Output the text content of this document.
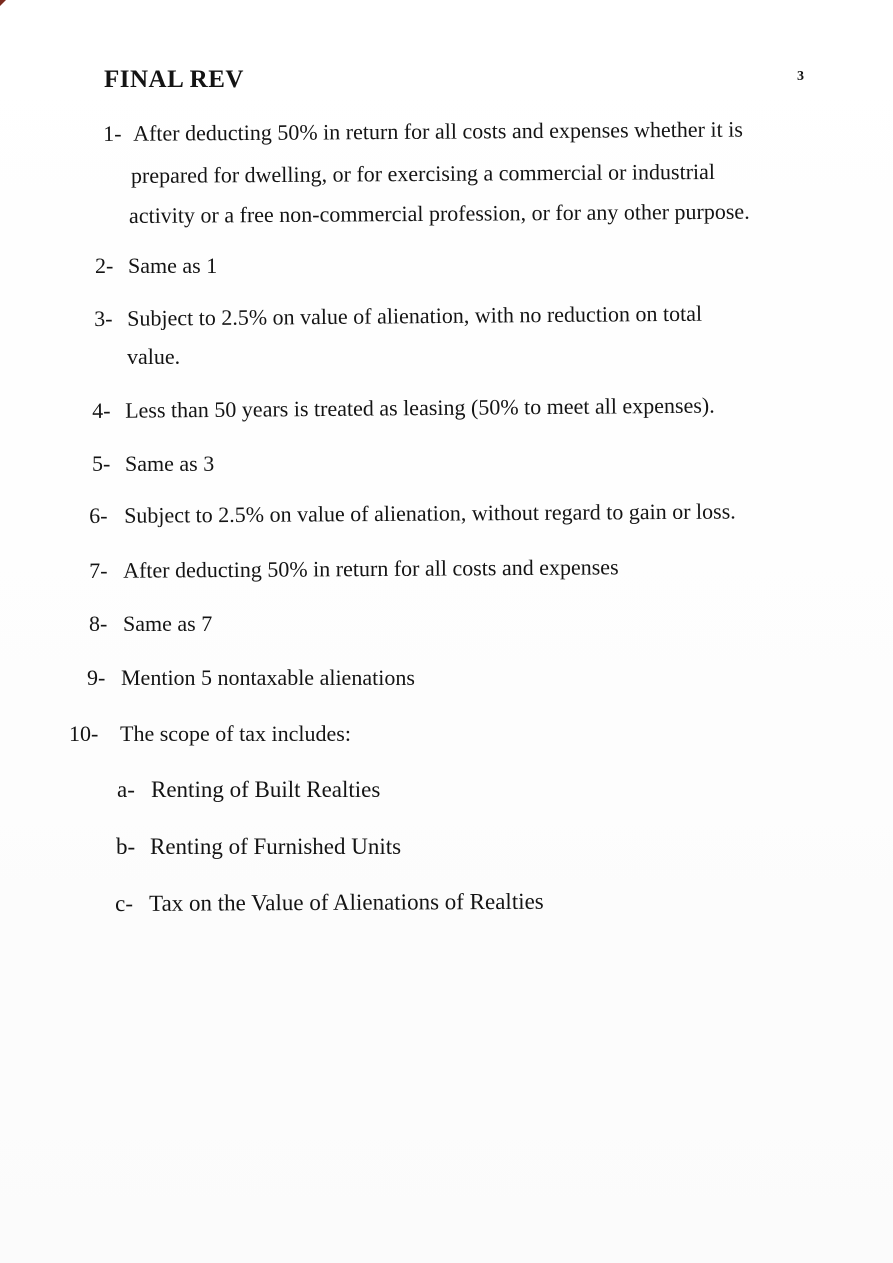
FINAL REV	3
1- After deducting 50% in return for all costs and expenses whether it is
prepared for dwelling, or for exercising a commercial or industrial
activity or a free non-commercial profession, or for any other purpose.
2- Same as 1
3- Subject to 2.5% on value of alienation, with no reduction on total
value.
4- Less than 50 years is treated as leasing (50% to meet all expenses).
5- Same as 3
6- Subject to 2.5% on value of alienation, without regard to gain or loss.
7- After deducting 50% in return for all costs and expenses
8- Same as 7
9- Mention 5 nontaxable alienations
10- The scope of tax includes:
a- Renting of Built Realties
b- Renting of Furnished Units
c- Tax on the Value of Alienations of Realties
